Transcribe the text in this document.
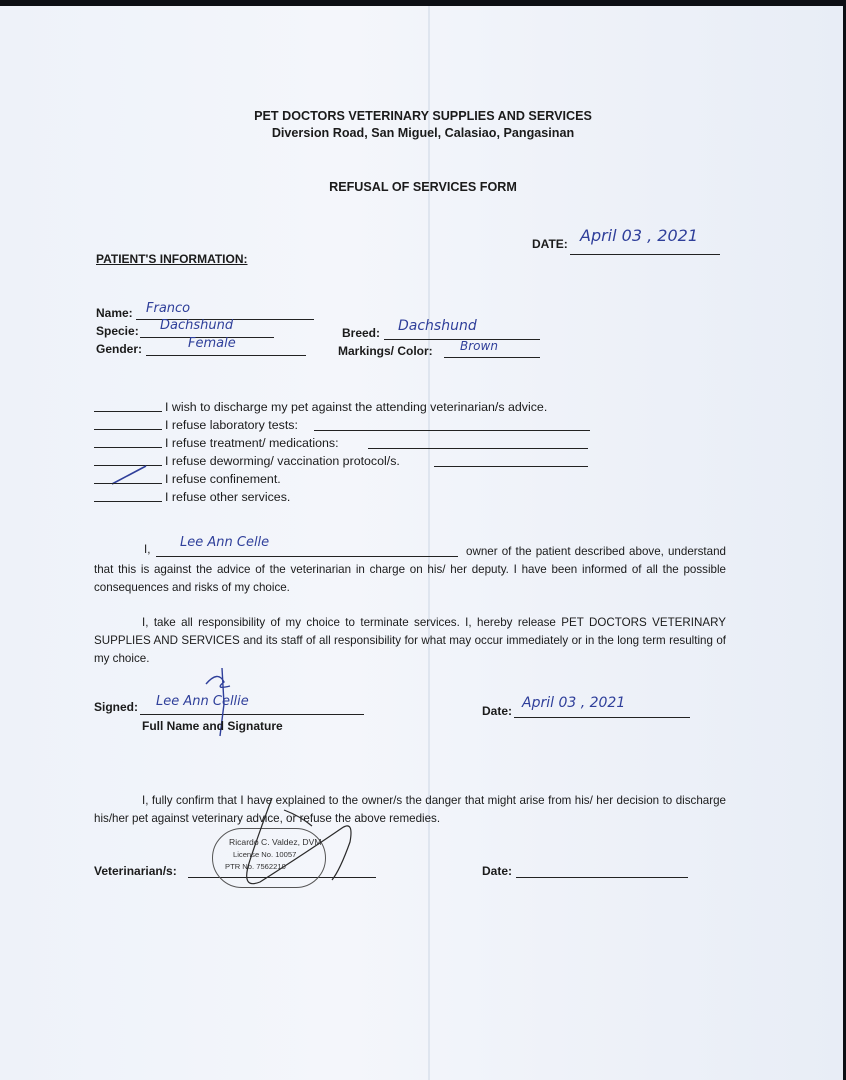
PET DOCTORS VETERINARY SUPPLIES AND SERVICES
Diversion Road, San Miguel, Calasiao, Pangasinan
REFUSAL OF SERVICES FORM
PATIENT'S INFORMATION:
DATE: April 03 , 2021
Name: Franco
Specie: Dachshund
Gender:	Female
Breed: Dachshund
Markings/ Color: Brown
I wish to discharge my pet against the attending veterinarian/s advice.
I refuse laboratory tests:
I refuse treatment/ medications:
I refuse deworming/ vaccination protocol/s.
I refuse confinement.
I refuse other services.
I, Lee Ann Celle
owner of the patient described above, understand that this is against the advice of the veterinarian in charge on his/ her deputy. I have been informed of all the possible consequences and risks of my choice.
I, take all responsibility of my choice to terminate services. I, hereby release PET DOCTORS VETERINARY SUPPLIES AND SERVICES and its staff of all responsibility for what may occur immediately or in the long term resulting of my choice.
Signed: Lee Ann Cellie
Full Name and Signature
Date: April 03 , 2021
I, fully confirm that I have explained to the owner/s the danger that might arise from his/ her decision to discharge his/her pet against veterinary advice, or refuse the above remedies.
Veterinarian/s:
Ricardo C. Valdez, DVM
License No. 10057
PTR No. 7562210	Date:
